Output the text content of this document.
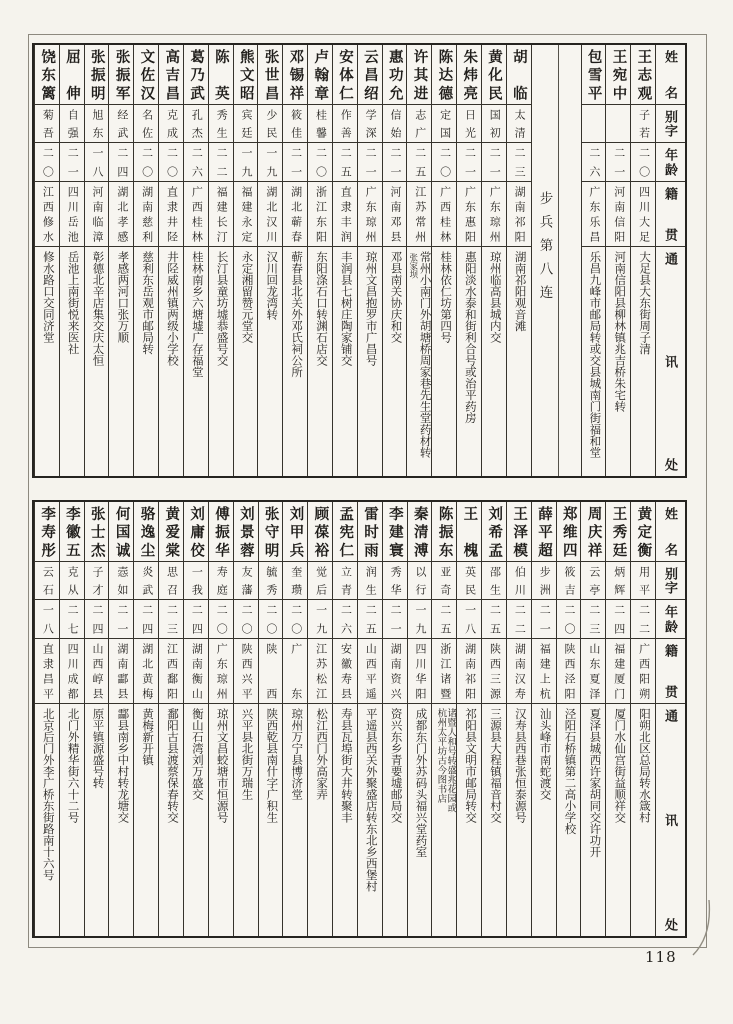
姓名
别字
年龄
籍贯
通讯处
王志观
子若
二〇
四川大足
大足县大东街周子清
王宛中
二一
河南信阳
河南信阳县柳林镇兆吉桥朱宅转
包雪平
二六
广东乐昌
乐昌九峰市邮局转或交县城南门街福和堂
步兵第八连
胡临
太清
二三
湖南祁阳
湖南祁阳观音滩
黄化民
国初
二一
广东琼州
琼州临高县城内交
朱炜亮
日光
二一
广东惠阳
惠阳淡水泰和街利合号或治平药房
陈达德
定国
二〇
广西桂林
桂林依仁坊第四号
许其进
志广
二五
江苏常州
常州小南门外胡塘桥周家巷先生堂药材转
张家坝
惠功允
信始
二一
河南邓县
邓县南关协庆和交
云昌绍
学深
二一
广东琼州
琼州文昌抱罗市广昌号
安体仁
作善
二五
直隶丰润
丰润县七树庄陶家铺交
卢翰章
桂馨
二〇
浙江东阳
东阳涤石口转渊石店交
邓锡祥
筱佳
二一
湖北蕲春
蕲春县北关外邓氏祠公所
张世昌
少民
一九
湖北汉川
汉川回龙湾转
熊文昭
宾廷
一九
福建永定
永定湘留赞元堂交
陈英
秀生
二二
福建长汀
长汀县童坊墟恭盛号交
葛乃武
孔杰
二六
广西桂林
桂林南乡六塘墟广存福堂
高吉昌
克成
二〇
直隶井陉
井陉威州镇两级小学校
文佐汉
名佐
二〇
湖南慈利
慈利东岳观市邮局转
张振军
经武
二四
湖北孝感
孝感两河口张万顺
张振明
旭东
一八
河南临漳
彰德北辛店集交庆太恒
屈伸
自强
二一
四川岳池
岳池上南街悦来医社
饶东篱
菊吾
二〇
江西修水
修水路口交同济堂
姓名
别字
年龄
籍贯
通讯处
黄定衡
用平
二二
广西阳朔
阳朔北区总局转水箴村
王秀廷
炳辉
二四
福建厦门
厦门水仙宫街益顺祥交
周庆祥
云亭
二三
山东夏泽
夏泽县城西许家胡同交许功开
郑维四
筱吉
二〇
陕西泾阳
泾阳石桥镇第二高小学校
薛平超
步洲
二一
福建上杭
汕头峰市南蛇渡交
王泽模
伯川
二二
湖南汉寿
汉寿县西巷张恒泰源号
刘希孟
邵生
二五
陕西三源
三源县大程镇福音村交
王槐
英民
一八
湖南祁阳
祁阳县文明市邮局转交
陈振东
亚奇
二五
浙江诸暨
诸暨人和号转盛兆花园或
杭州太平坊古今图书店
秦清溥
以行
一九
四川华阳
成都东门外苏码头福兴堂药室
李建寰
秀华
二一
湖南资兴
资兴东乡青要墟邮局交
雷时雨
润生
二五
山西平遥
平遥县西关外聚盛店转东北乡西堡村
孟宪仁
立青
二六
安徽寿县
寿县瓦埠街大井转聚丰
顾葆裕
觉后
一九
江苏松江
松江西门外高家弄
刘甲兵
奎瓒
二〇
广东
琼州万宁县博济堂
张守明
毓秀
二〇
陕西
陕西乾县南什字广积生
刘景蓉
友藩
二〇
陕西兴平
兴平县北街万瑞生
傅振华
寿庭
二〇
广东琼州
琼州文昌蛟塘市恒源号
刘庸佼
一我
二四
湖南衡山
衡山石湾刘万盛交
黄爱棠
思召
二三
江西鄱阳
鄱阳古县渡蔡保春转交
骆逸尘
炎武
二四
湖北黄梅
黄梅新开镇
何国诚
悫如
二一
湖南酃县
酃县南乡中村转龙塘交
张士杰
子才
二四
山西崞县
原平镇源盛号转
李徽五
克从
二七
四川成都
北门外精华街六十二号
李寿彤
云石
一八
直隶昌平
北京后门外李广桥东街路南十六号
118
